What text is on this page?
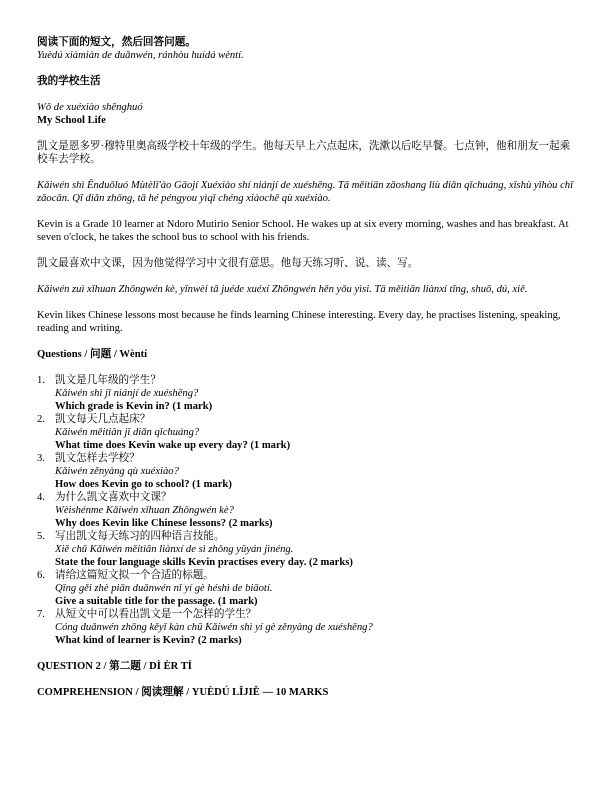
阅读下面的短文，然后回答问题。

Yuèdú xiàmiàn de duǎnwén, ránhòu huídá wèntí.

我的学校生活

Wǒ de xuéxiào shēnghuó

My School Life

凯文是恩多罗·穆特里奥高级学校十年级的学生。他每天早上六点起床，洗漱以后吃早餐。七点钟，他和朋友一起乘校车去学校。

Kǎiwén shì Ēnduōluó Mùtèlǐ'ào Gāojí Xuéxiào shí niánjí de xuéshēng. Tā měitiān zǎoshang liù diǎn qǐchuáng, xǐshù yǐhòu chī zǎocān. Qī diǎn zhōng, tā hé péngyou yìqǐ chéng xiàochē qù xuéxiào.

Kevin is a Grade 10 learner at Ndoro Mutirio Senior School. He wakes up at six every morning, washes and has breakfast. At seven o'clock, he takes the school bus to school with his friends.

凯文最喜欢中文课，因为他觉得学习中文很有意思。他每天练习听、说、读、写。

Kǎiwén zuì xǐhuan Zhōngwén kè, yīnwèi tā juéde xuéxí Zhōngwén hěn yǒu yìsi. Tā měitiān liànxí tīng, shuō, dú, xiě.

Kevin likes Chinese lessons most because he finds learning Chinese interesting. Every day, he practises listening, speaking, reading and writing.

Questions / 问题 / Wèntí

1. 凯文是几年级的学生？

Kǎiwén shì jǐ niánjí de xuéshēng?

Which grade is Kevin in? (1 mark)

2. 凯文每天几点起床？

Kǎiwén měitiān jǐ diǎn qǐchuáng?

What time does Kevin wake up every day? (1 mark)

3. 凯文怎样去学校？

Kǎiwén zěnyàng qù xuéxiào?

How does Kevin go to school? (1 mark)

4. 为什么凯文喜欢中文课？

Wèishénme Kǎiwén xǐhuan Zhōngwén kè?

Why does Kevin like Chinese lessons? (2 marks)

5. 写出凯文每天练习的四种语言技能。

Xiě chū Kǎiwén měitiān liànxí de sì zhǒng yǔyán jìnéng.

State the four language skills Kevin practises every day. (2 marks)

6. 请给这篇短文拟一个合适的标题。

Qǐng gěi zhè piān duǎnwén nǐ yí gè héshì de biāotí.

Give a suitable title for the passage. (1 mark)

7. 从短文中可以看出凯文是一个怎样的学生？

Cóng duǎnwén zhōng kěyǐ kàn chū Kǎiwén shì yí gè zěnyàng de xuéshēng?

What kind of learner is Kevin? (2 marks)

QUESTION 2 / 第二题 / DÌ ÈR TÍ

COMPREHENSION / 阅读理解 / YUÈDÚ LǏJIĚ — 10 MARKS
